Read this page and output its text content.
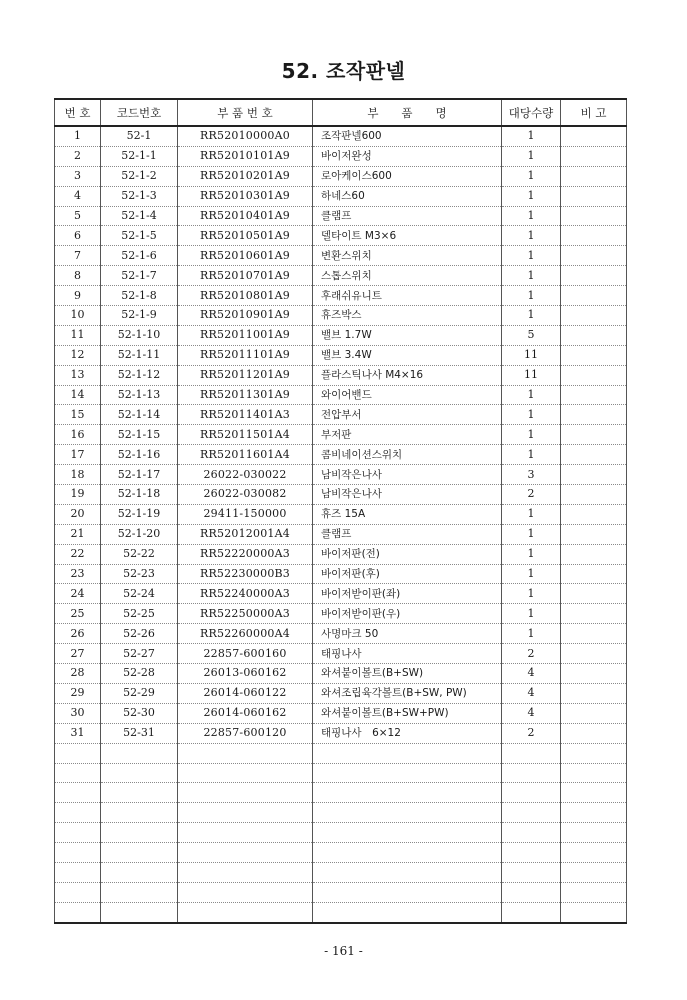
52. 조작판넬
번 호	코드번호	부 품 번 호	부　　품　　명	대당수량	비 고
1	52-1	RR52010000A0	조작판넬600	1	
2	52-1-1	RR52010101A9	바이저완성	1	
3	52-1-2	RR52010201A9	로아케이스600	1	
4	52-1-3	RR52010301A9	하네스60	1	
5	52-1-4	RR52010401A9	클램프	1	
6	52-1-5	RR52010501A9	델타이트 M3×6	1	
7	52-1-6	RR52010601A9	변환스위치	1	
8	52-1-7	RR52010701A9	스톱스위치	1	
9	52-1-8	RR52010801A9	후래쉬유니트	1	
10	52-1-9	RR52010901A9	휴즈박스	1	
11	52-1-10	RR52011001A9	밸브 1.7W	5	
12	52-1-11	RR52011101A9	밸브 3.4W	11	
13	52-1-12	RR52011201A9	플라스틱나사 M4×16	11	
14	52-1-13	RR52011301A9	와이어밴드	1	
15	52-1-14	RR52011401A3	전압부서	1	
16	52-1-15	RR52011501A4	부저판	1	
17	52-1-16	RR52011601A4	콤비네이션스위치	1	
18	52-1-17	26022-030022	남비작은나사	3	
19	52-1-18	26022-030082	남비작은나사	2	
20	52-1-19	29411-150000	휴즈 15A	1	
21	52-1-20	RR52012001A4	클램프	1	
22	52-22	RR52220000A3	바이저판(전)	1	
23	52-23	RR52230000B3	바이저판(후)	1	
24	52-24	RR52240000A3	바이저받이판(좌)	1	
25	52-25	RR52250000A3	바이저받이판(우)	1	
26	52-26	RR52260000A4	사명마크 50	1	
27	52-27	22857-600160	태핑나사	2	
28	52-28	26013-060162	와셔붙이볼트(B+SW)	4	
29	52-29	26014-060122	와셔조립육각볼트(B+SW, PW)	4	
30	52-30	26014-060162	와셔붙이볼트(B+SW+PW)	4	
31	52-31	22857-600120	태핑나사　6×12	2	

- 161 -
